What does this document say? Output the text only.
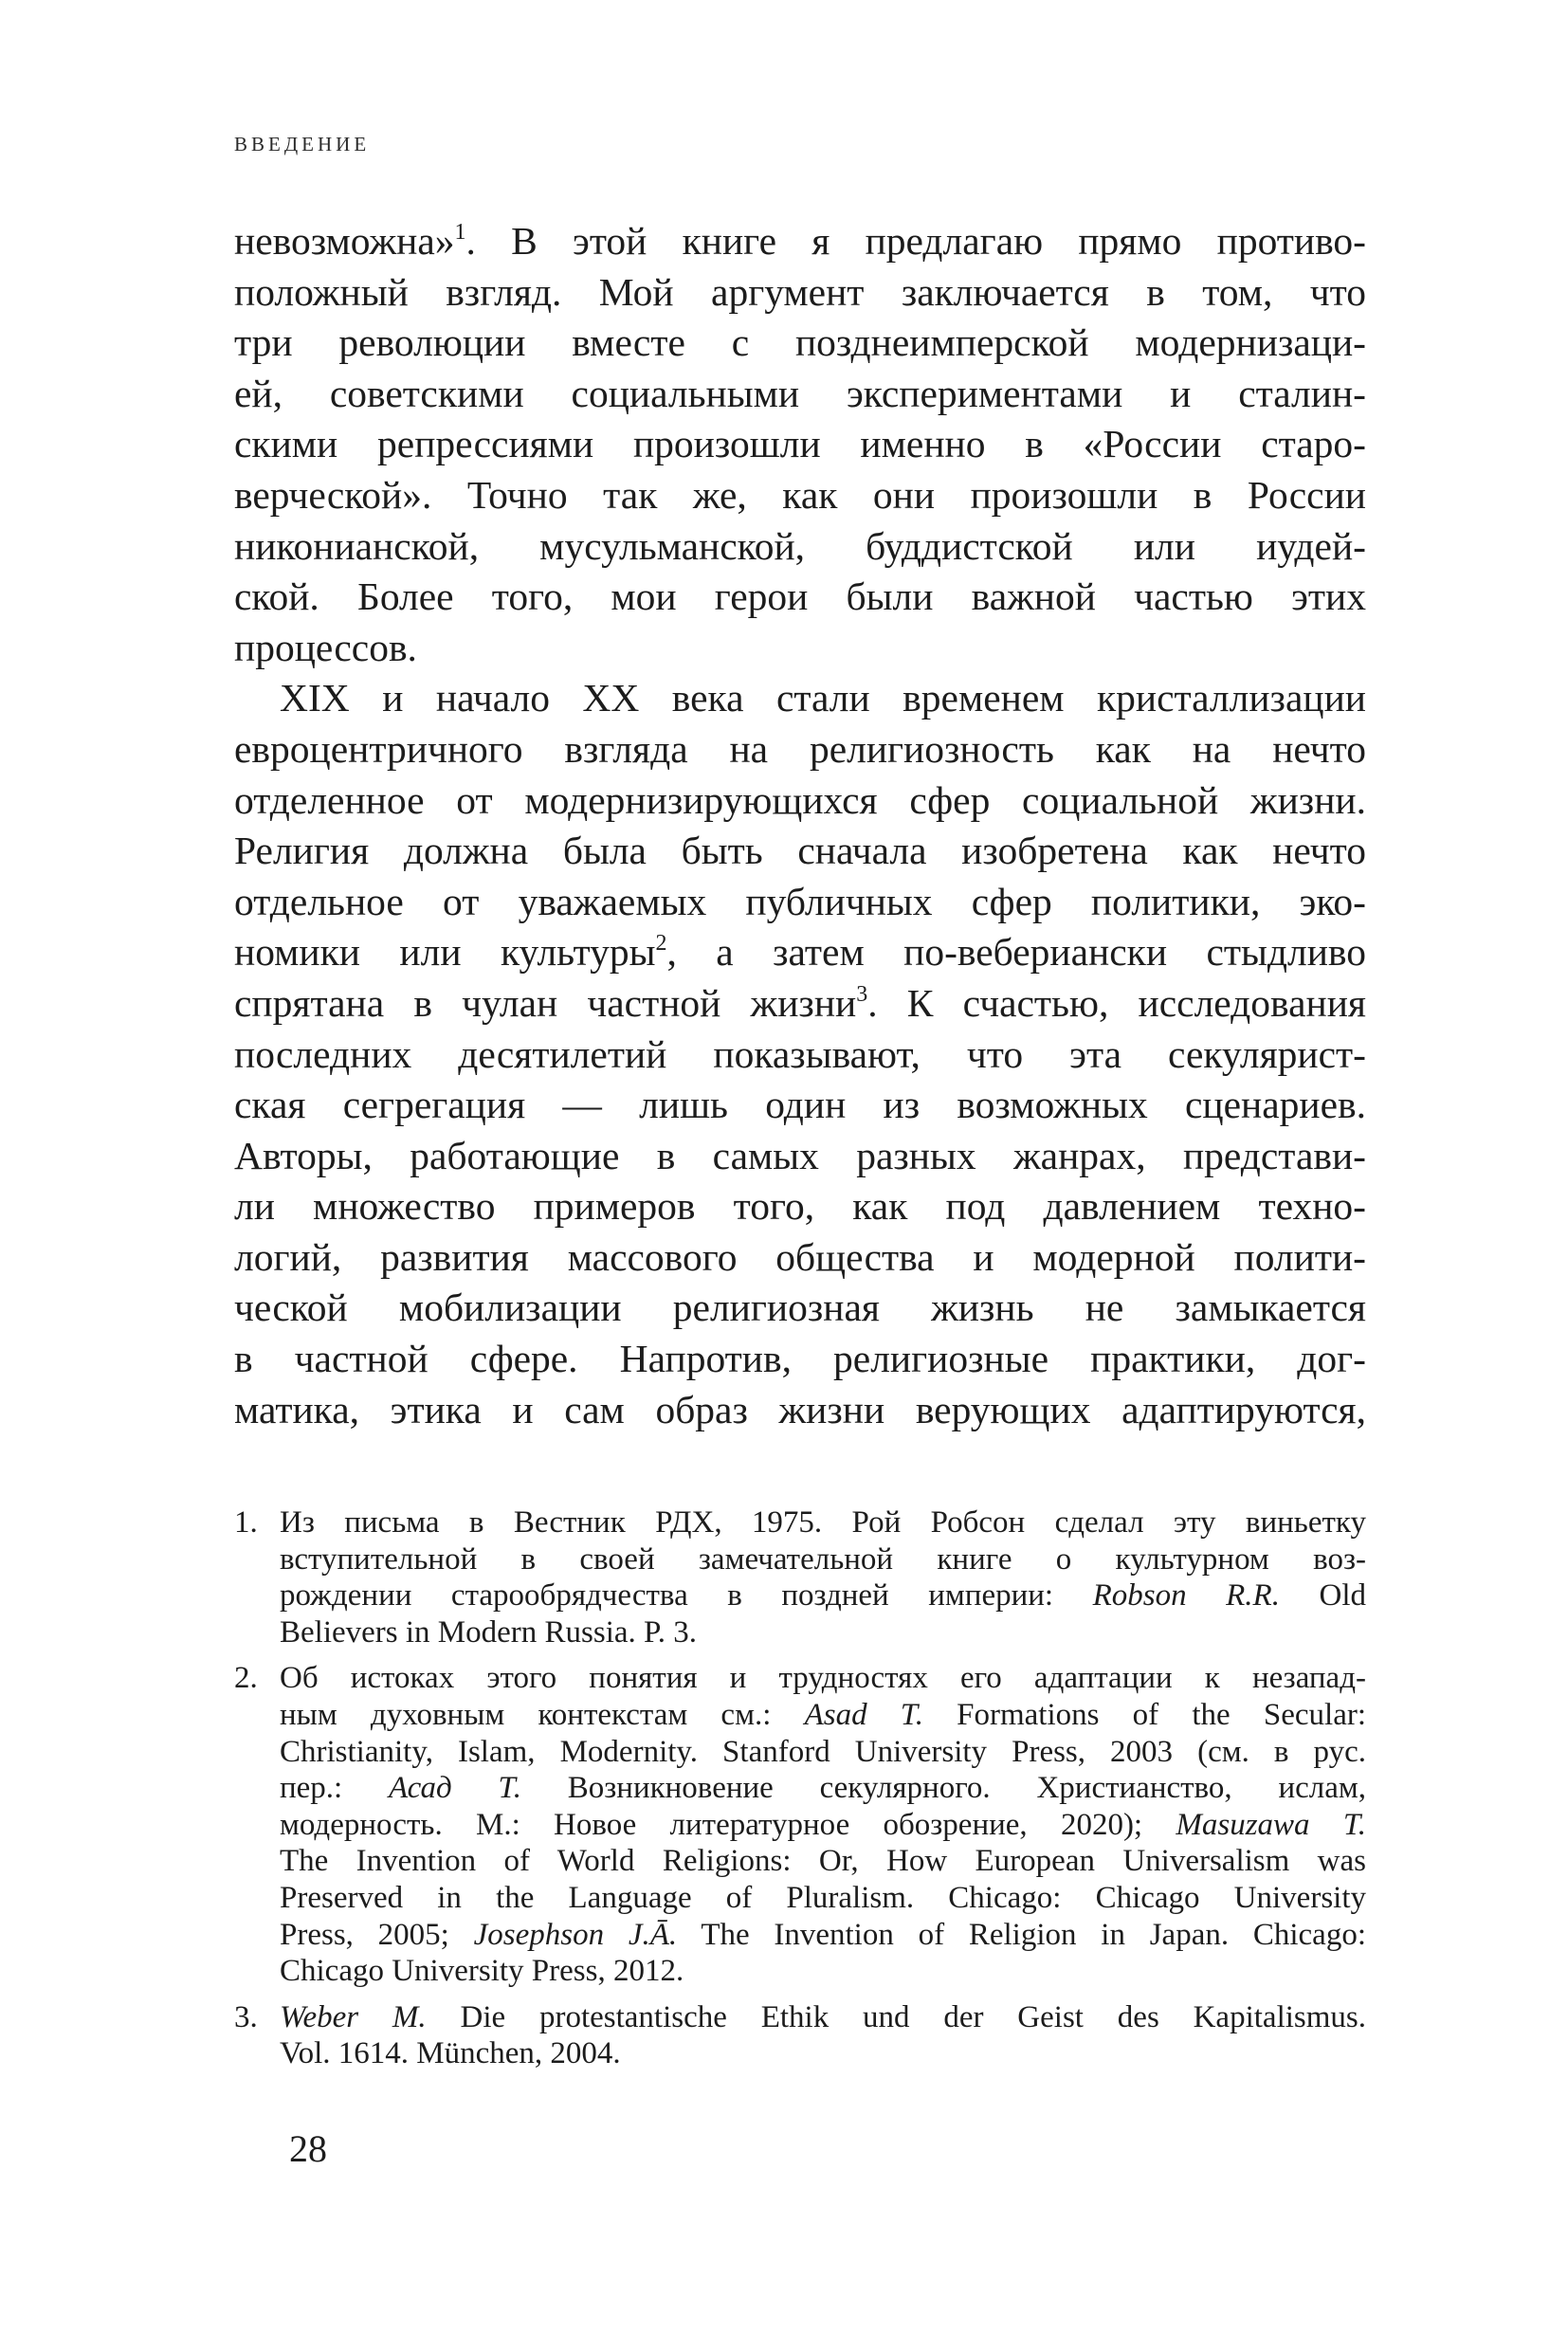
ВВЕДЕНИЕ
невозможна»$^1$. В этой книге я предлагаю прямо противо-
положный взгляд. Мой аргумент заключается в том, что
три революции вместе с позднеимперской модернизаци-
ей, советскими социальными экспериментами и сталин-
скими репрессиями произошли именно в «России старо-
верческой». Точно так же, как они произошли в России
никонианской, мусульманской, буддистской или иудей-
ской. Более того, мои герои были важной частью этих
процессов.
XIX и начало XX века стали временем кристаллизации
евроцентричного взгляда на религиозность как на нечто
отделенное от модернизирующихся сфер социальной жизни.
Религия должна была быть сначала изобретена как нечто
отдельное от уважаемых публичных сфер политики, эко-
номики или культуры$^2$, а затем по-вебериански стыдливо
спрятана в чулан частной жизни$^3$. К счастью, исследования
последних десятилетий показывают, что эта секулярист-
ская сегрегация — лишь один из возможных сценариев.
Авторы, работающие в самых разных жанрах, представи-
ли множество примеров того, как под давлением техно-
логий, развития массового общества и модерной полити-
ческой мобилизации религиозная жизнь не замыкается
в частной сфере. Напротив, религиозные практики, дог-
матика, этика и сам образ жизни верующих адаптируются,
1. Из письма в Вестник РДХ, 1975. Рой Робсон сделал эту виньетку
вступительной в своей замечательной книге о культурном воз-
рождении старообрядчества в поздней империи: Robson R.R. Old
Believers in Modern Russia. P. 3.
2. Об истоках этого понятия и трудностях его адаптации к незапад-
ным духовным контекстам см.: Asad T. Formations of the Secular:
Christianity, Islam, Modernity. Stanford University Press, 2003 (см. в рус.
пер.: Асад Т. Возникновение секулярного. Христианство, ислам,
модерность. М.: Новое литературное обозрение, 2020); Masuzawa T.
The Invention of World Religions: Or, How European Universalism was
Preserved in the Language of Pluralism. Chicago: Chicago University
Press, 2005; Josephson J.Ā. The Invention of Religion in Japan. Chicago:
Chicago University Press, 2012.
3. Weber M. Die protestantische Ethik und der Geist des Kapitalismus.
Vol. 1614. München, 2004.
28
